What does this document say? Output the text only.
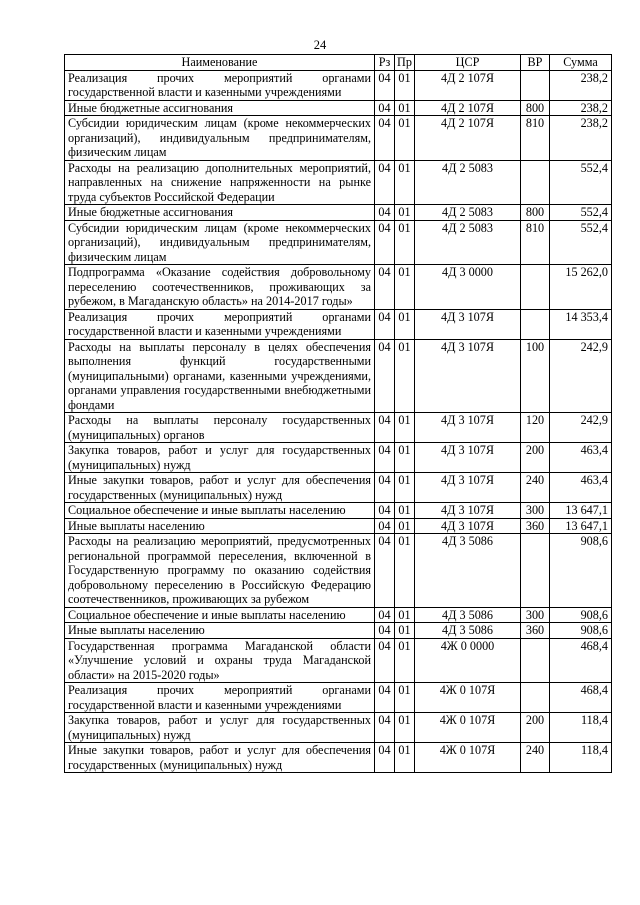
24
Наименование	Рз	Пр	ЦСР	ВР	Сумма
Реализация прочих мероприятий органами государственной власти и казенными учреждениями	04	01	4Д 2 107Я		238,2
Иные бюджетные ассигнования	04	01	4Д 2 107Я	800	238,2
Субсидии юридическим лицам (кроме некоммерческих организаций), индивидуальным предпринимателям, физическим лицам	04	01	4Д 2 107Я	810	238,2
Расходы на реализацию дополнительных мероприятий, направленных на снижение напряженности на рынке труда субъектов Российской Федерации	04	01	4Д 2 5083		552,4
Иные бюджетные ассигнования	04	01	4Д 2 5083	800	552,4
Субсидии юридическим лицам (кроме некоммерческих организаций), индивидуальным предпринимателям, физическим лицам	04	01	4Д 2 5083	810	552,4
Подпрограмма «Оказание содействия добровольному переселению соотечественников, проживающих за рубежом, в Магаданскую область» на 2014-2017 годы»	04	01	4Д 3 0000		15 262,0
Реализация прочих мероприятий органами государственной власти и казенными учреждениями	04	01	4Д 3 107Я		14 353,4
Расходы на выплаты персоналу в целях обеспечения выполнения функций государственными (муниципальными) органами, казенными учреждениями, органами управления государственными внебюджетными фондами	04	01	4Д 3 107Я	100	242,9
Расходы на выплаты персоналу государственных (муниципальных) органов	04	01	4Д 3 107Я	120	242,9
Закупка товаров, работ и услуг для государственных (муниципальных) нужд	04	01	4Д 3 107Я	200	463,4
Иные закупки товаров, работ и услуг для обеспечения государственных (муниципальных) нужд	04	01	4Д 3 107Я	240	463,4
Социальное обеспечение и иные выплаты населению	04	01	4Д 3 107Я	300	13 647,1
Иные выплаты населению	04	01	4Д 3 107Я	360	13 647,1
Расходы на реализацию мероприятий, предусмотренных региональной программой переселения, включенной в Государственную программу по оказанию содействия добровольному переселению в Российскую Федерацию соотечественников, проживающих за рубежом	04	01	4Д 3 5086		908,6
Социальное обеспечение и иные выплаты населению	04	01	4Д 3 5086	300	908,6
Иные выплаты населению	04	01	4Д 3 5086	360	908,6
Государственная программа Магаданской области «Улучшение условий и охраны труда Магаданской области» на 2015-2020 годы»	04	01	4Ж 0 0000		468,4
Реализация прочих мероприятий органами государственной власти и казенными учреждениями	04	01	4Ж 0 107Я		468,4
Закупка товаров, работ и услуг для государственных (муниципальных) нужд	04	01	4Ж 0 107Я	200	118,4
Иные закупки товаров, работ и услуг для обеспечения государственных (муниципальных) нужд	04	01	4Ж 0 107Я	240	118,4
